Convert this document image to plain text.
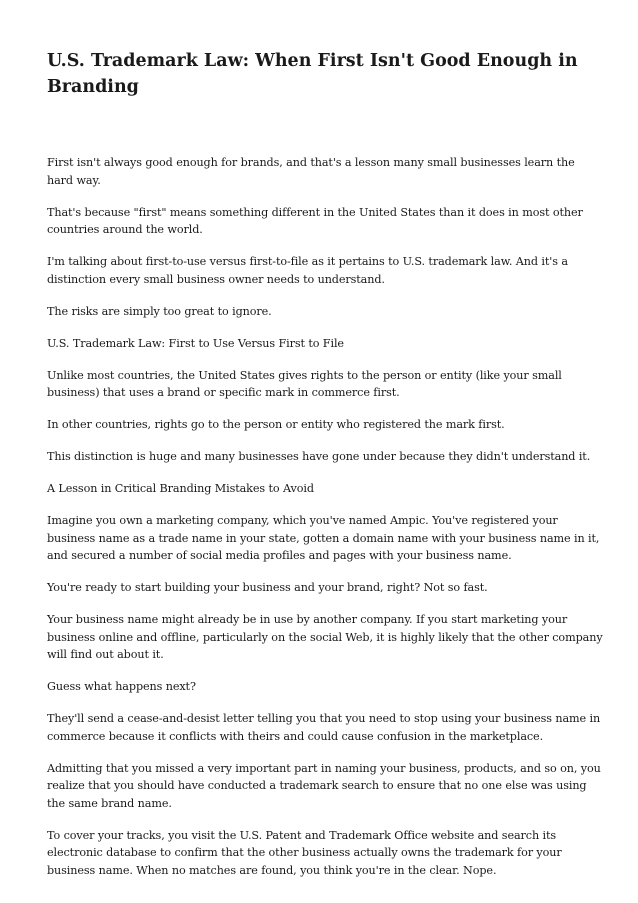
U.S. Trademark Law: When First Isn't Good Enough in Branding

First isn't always good enough for brands, and that's a lesson many small businesses learn the hard way.

That's because "first" means something different in the United States than it does in most other countries around the world.

I'm talking about first-to-use versus first-to-file as it pertains to U.S. trademark law. And it's a distinction every small business owner needs to understand.

The risks are simply too great to ignore.

U.S. Trademark Law: First to Use Versus First to File

Unlike most countries, the United States gives rights to the person or entity (like your small business) that uses a brand or specific mark in commerce first.

In other countries, rights go to the person or entity who registered the mark first.

This distinction is huge and many businesses have gone under because they didn't understand it.

A Lesson in Critical Branding Mistakes to Avoid

Imagine you own a marketing company, which you've named Ampic. You've registered your business name as a trade name in your state, gotten a domain name with your business name in it, and secured a number of social media profiles and pages with your business name.

You're ready to start building your business and your brand, right? Not so fast.

Your business name might already be in use by another company. If you start marketing your business online and offline, particularly on the social Web, it is highly likely that the other company will find out about it.

Guess what happens next?

They'll send a cease-and-desist letter telling you that you need to stop using your business name in commerce because it conflicts with theirs and could cause confusion in the marketplace.

Admitting that you missed a very important part in naming your business, products, and so on, you realize that you should have conducted a trademark search to ensure that no one else was using the same brand name.

To cover your tracks, you visit the U.S. Patent and Trademark Office website and search its electronic database to confirm that the other business actually owns the trademark for your business name. When no matches are found, you think you're in the clear. Nope.
